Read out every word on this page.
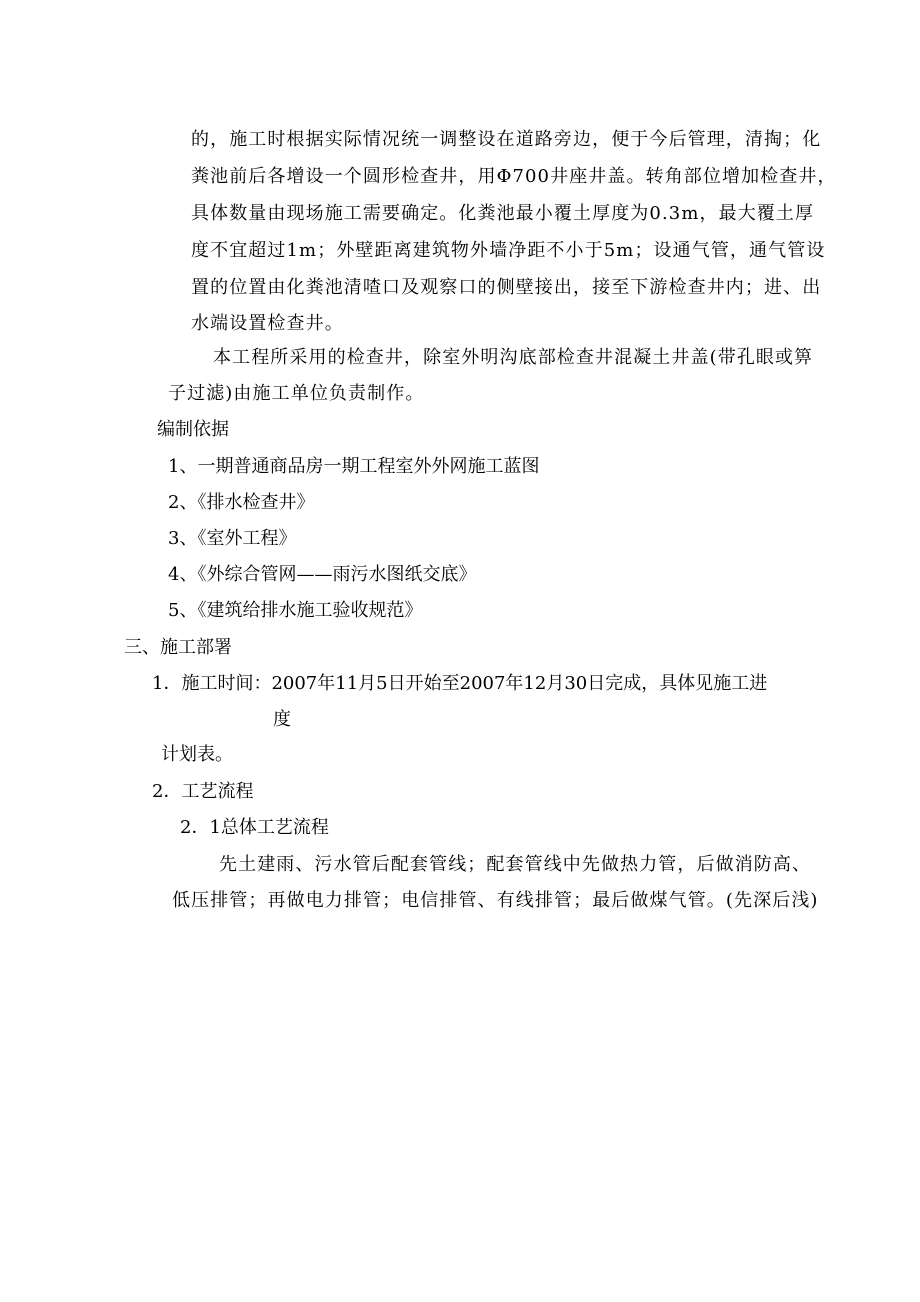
的，施工时根据实际情况统一调整设在道路旁边，便于今后管理，清掏；化

粪池前后各增设一个圆形检查井，用Φ700井座井盖。转角部位增加检查井，

具体数量由现场施工需要确定。化粪池最小覆土厚度为0.3m，最大覆土厚

度不宜超过1m；外壁距离建筑物外墙净距不小于5m；设通气管，通气管设

置的位置由化粪池清喳口及观察口的侧壁接出，接至下游检查井内；进、出

水端设置检查井。

本工程所采用的检查井，除室外明沟底部检查井混凝土井盖(带孔眼或箅

子过滤)由施工单位负责制作。

编制依据

1、一期普通商品房一期工程室外外网施工蓝图

2、《排水检查井》

3、《室外工程》

4、《外综合管网——雨污水图纸交底》

5、《建筑给排水施工验收规范》

三、施工部署

1．施工时间：2007年11月5日开始至2007年12月30日完成，具体见施工进

度

计划表。

2．工艺流程

2．1总体工艺流程

先土建雨、污水管后配套管线；配套管线中先做热力管，后做消防高、

低压排管；再做电力排管；电信排管、有线排管；最后做煤气管。(先深后浅)
